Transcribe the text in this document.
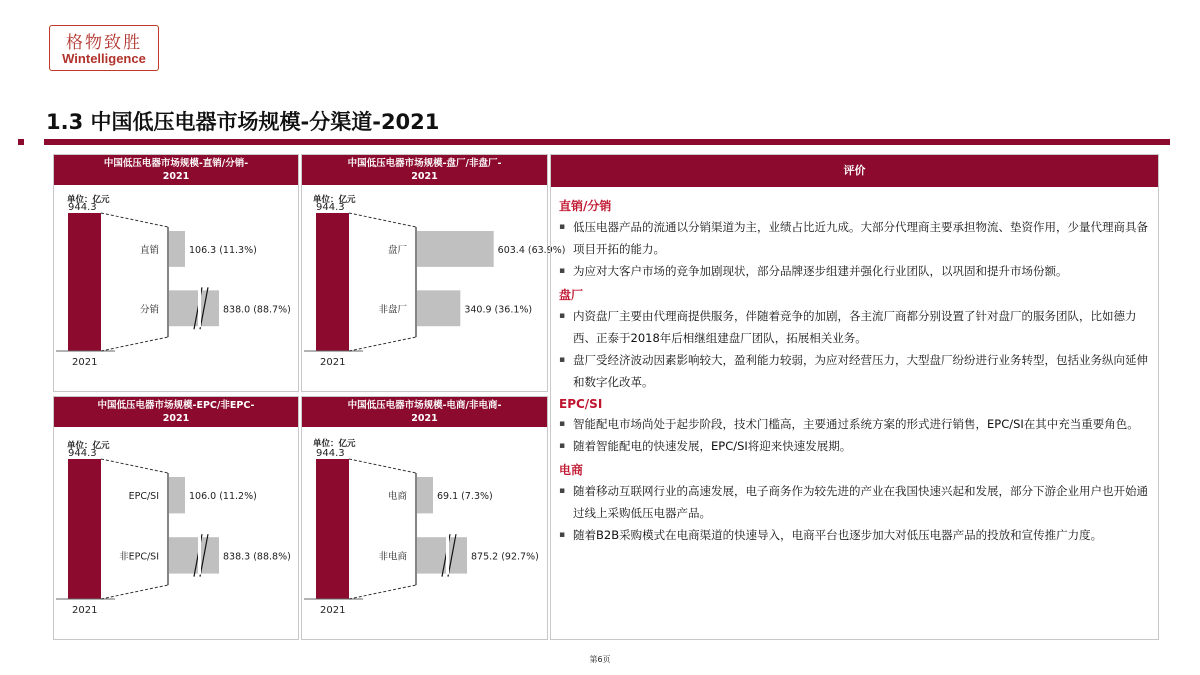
格物致胜
Wintelligence
1.3 中国低压电器市场规模-分渠道-2021
中国低压电器市场规模-直销/分销-
2021
单位：亿元
944.3
2021
直销	106.3 (11.3%)
分销	838.0 (88.7%)
中国低压电器市场规模-盘厂/非盘厂-
2021
单位：亿元
944.3
2021
盘厂	603.4 (63.9%)
非盘厂	340.9 (36.1%)
中国低压电器市场规模-EPC/非EPC-
2021
单位：亿元
944.3
2021
EPC/SI	106.0 (11.2%)
非EPC/SI	838.3 (88.8%)
中国低压电器市场规模-电商/非电商-
2021
单位：亿元
944.3
2021
电商	69.1 (7.3%)
非电商	875.2 (92.7%)
评价
直销/分销
▪ 低压电器产品的流通以分销渠道为主，业绩占比近九成。大部分代理商主要承担物流、垫资作用，少量代理商具备项目开拓的能力。
▪ 为应对大客户市场的竞争加剧现状，部分品牌逐步组建并强化行业团队，以巩固和提升市场份额。
盘厂
▪ 内资盘厂主要由代理商提供服务，伴随着竞争的加剧，各主流厂商都分别设置了针对盘厂的服务团队，比如德力西、正泰于2018年后相继组建盘厂团队，拓展相关业务。
▪ 盘厂受经济波动因素影响较大，盈利能力较弱，为应对经营压力，大型盘厂纷纷进行业务转型，包括业务纵向延伸和数字化改革。
EPC/SI
▪ 智能配电市场尚处于起步阶段，技术门槛高，主要通过系统方案的形式进行销售，EPC/SI在其中充当重要角色。
▪ 随着智能配电的快速发展，EPC/SI将迎来快速发展期。
电商
▪ 随着移动互联网行业的高速发展，电子商务作为较先进的产业在我国快速兴起和发展，部分下游企业用户也开始通过线上采购低压电器产品。
▪ 随着B2B采购模式在电商渠道的快速导入，电商平台也逐步加大对低压电器产品的投放和宣传推广力度。
第6页
